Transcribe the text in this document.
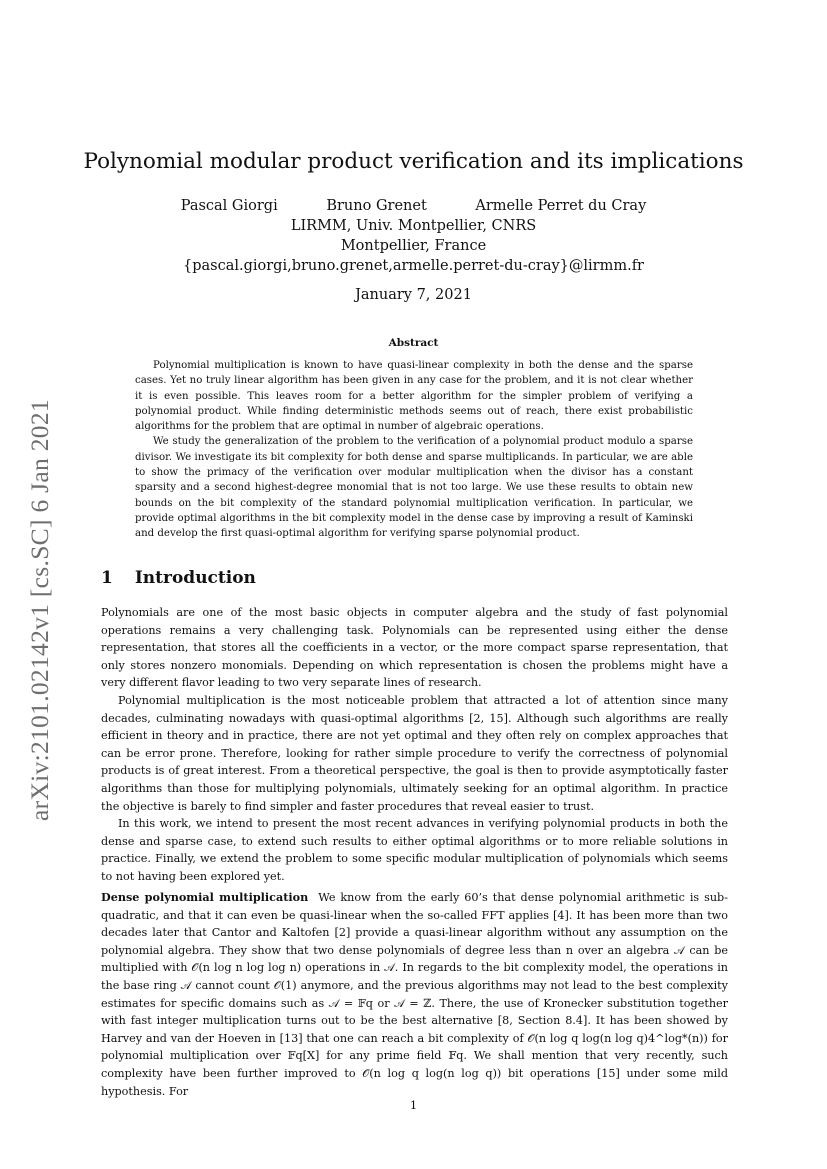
arXiv:2101.02142v1 [cs.SC] 6 Jan 2021
Polynomial modular product verification and its implications
Pascal Giorgi	Bruno Grenet	Armelle Perret du Cray
LIRMM, Univ. Montpellier, CNRS
Montpellier, France
{pascal.giorgi,bruno.grenet,armelle.perret-du-cray}@lirmm.fr
January 7, 2021
Abstract

Polynomial multiplication is known to have quasi-linear complexity in both the dense and the sparse cases. Yet no truly linear algorithm has been given in any case for the problem, and it is not clear whether it is even possible. This leaves room for a better algorithm for the simpler problem of verifying a polynomial product. While finding deterministic methods seems out of reach, there exist probabilistic algorithms for the problem that are optimal in number of algebraic operations.

We study the generalization of the problem to the verification of a polynomial product modulo a sparse divisor. We investigate its bit complexity for both dense and sparse multiplicands. In particular, we are able to show the primacy of the verification over modular multiplication when the divisor has a constant sparsity and a second highest-degree monomial that is not too large. We use these results to obtain new bounds on the bit complexity of the standard polynomial multiplication verification. In particular, we provide optimal algorithms in the bit complexity model in the dense case by improving a result of Kaminski and develop the first quasi-optimal algorithm for verifying sparse polynomial product.

1 Introduction

Polynomials are one of the most basic objects in computer algebra and the study of fast polynomial operations remains a very challenging task. Polynomials can be represented using either the dense representation, that stores all the coefficients in a vector, or the more compact sparse representation, that only stores nonzero monomials. Depending on which representation is chosen the problems might have a very different flavor leading to two very separate lines of research.

Polynomial multiplication is the most noticeable problem that attracted a lot of attention since many decades, culminating nowadays with quasi-optimal algorithms [2, 15]. Although such algorithms are really efficient in theory and in practice, there are not yet optimal and they often rely on complex approaches that can be error prone. Therefore, looking for rather simple procedure to verify the correctness of polynomial products is of great interest. From a theoretical perspective, the goal is then to provide asymptotically faster algorithms than those for multiplying polynomials, ultimately seeking for an optimal algorithm. In practice the objective is barely to find simpler and faster procedures that reveal easier to trust.

In this work, we intend to present the most recent advances in verifying polynomial products in both the dense and sparse case, to extend such results to either optimal algorithms or to more reliable solutions in practice. Finally, we extend the problem to some specific modular multiplication of polynomials which seems to not having been explored yet.

Dense polynomial multiplication We know from the early 60’s that dense polynomial arithmetic is sub-quadratic, and that it can even be quasi-linear when the so-called FFT applies [4]. It has been more than two decades later that Cantor and Kaltofen [2] provide a quasi-linear algorithm without any assumption on the polynomial algebra. They show that two dense polynomials of degree less than n over an algebra 𝒜 can be multiplied with 𝒪(n log n log log n) operations in 𝒜. In regards to the bit complexity model, the operations in the base ring 𝒜 cannot count 𝒪(1) anymore, and the previous algorithms may not lead to the best complexity estimates for specific domains such as 𝒜 = 𝔽q or 𝒜 = ℤ. There, the use of Kronecker substitution together with fast integer multiplication turns out to be the best alternative [8, Section 8.4]. It has been showed by Harvey and van der Hoeven in [13] that one can reach a bit complexity of 𝒪(n log q log(n log q)4^log*(n)) for polynomial multiplication over 𝔽q[X] for any prime field 𝔽q. We shall mention that very recently, such complexity have been further improved to 𝒪(n log q log(n log q)) bit operations [15] under some mild hypothesis. For

1
